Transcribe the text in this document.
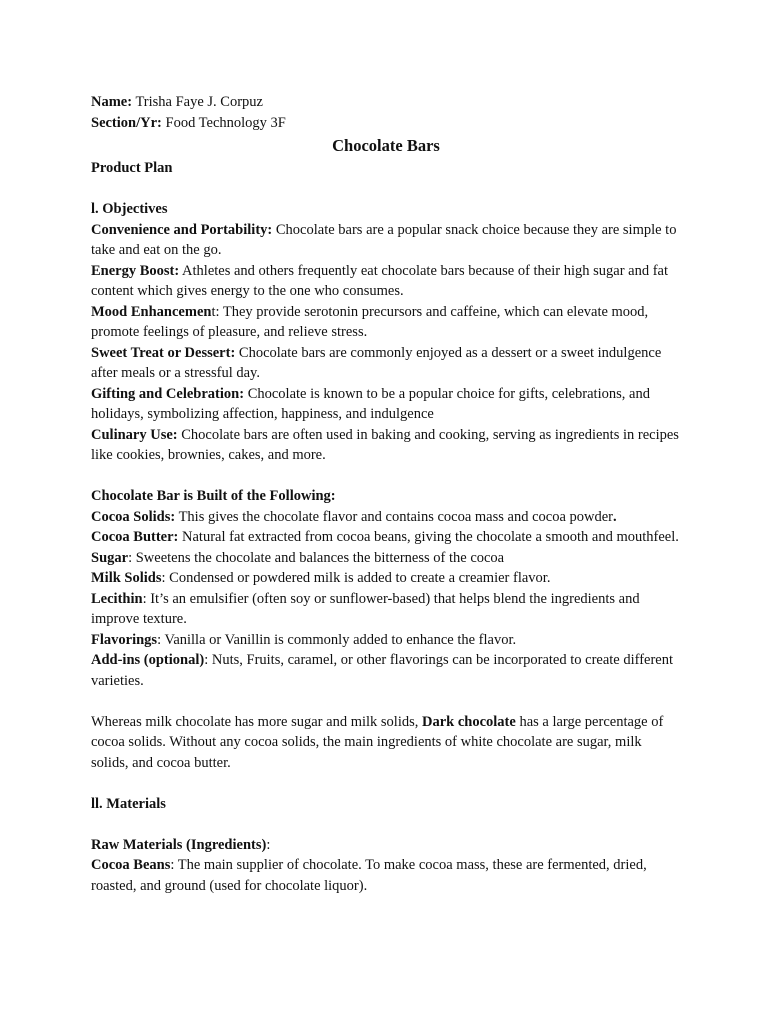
Name: Trisha Faye J. Corpuz

Section/Yr: Food Technology 3F

Chocolate Bars

Product Plan

l. Objectives

Convenience and Portability: Chocolate bars are a popular snack choice because they are simple to take and eat on the go.

Energy Boost: Athletes and others frequently eat chocolate bars because of their high sugar and fat content which gives energy to the one who consumes.

Mood Enhancement: They provide serotonin precursors and caffeine, which can elevate mood, promote feelings of pleasure, and relieve stress.

Sweet Treat or Dessert: Chocolate bars are commonly enjoyed as a dessert or a sweet indulgence after meals or a stressful day.

Gifting and Celebration: Chocolate is known to be a popular choice for gifts, celebrations, and holidays, symbolizing affection, happiness, and indulgence

Culinary Use: Chocolate bars are often used in baking and cooking, serving as ingredients in recipes like cookies, brownies, cakes, and more.

Chocolate Bar is Built of the Following:

Cocoa Solids: This gives the chocolate flavor and contains cocoa mass and cocoa powder.

Cocoa Butter: Natural fat extracted from cocoa beans, giving the chocolate a smooth and mouthfeel.

Sugar: Sweetens the chocolate and balances the bitterness of the cocoa

Milk Solids: Condensed or powdered milk is added to create a creamier flavor.

Lecithin: It’s an emulsifier (often soy or sunflower-based) that helps blend the ingredients and improve texture.

Flavorings: Vanilla or Vanillin is commonly added to enhance the flavor.

Add-ins (optional): Nuts, Fruits, caramel, or other flavorings can be incorporated to create different varieties.

Whereas milk chocolate has more sugar and milk solids, Dark chocolate has a large percentage of cocoa solids. Without any cocoa solids, the main ingredients of white chocolate are sugar, milk solids, and cocoa butter.

ll. Materials

Raw Materials (Ingredients):

Cocoa Beans: The main supplier of chocolate. To make cocoa mass, these are fermented, dried, roasted, and ground (used for chocolate liquor).
